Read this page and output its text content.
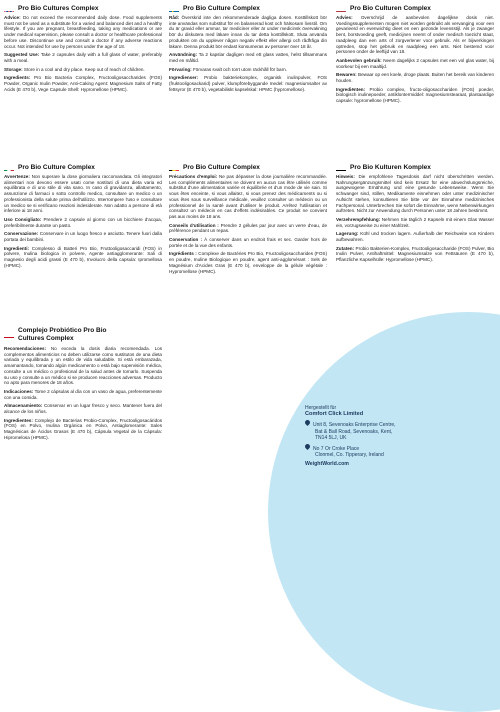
Pro Bio Cultures Complex

Advice: Do not exceed the recommended daily dose. Food supplements must not be used as a substitute for a varied and balanced diet and a healthy lifestyle. If you are pregnant, breastfeeding, taking any medications or are under medical supervision, please consult a doctor or healthcare professional before use. Discontinue use and consult a doctor if any adverse reactions occur. Not intended for use by persons under the age of 18.

Suggested Use: Take 2 capsules daily with a full glass of water, preferably with a meal.

Storage: Store in a cool and dry place. Keep out of reach of children.

Ingredients: Pro Bio Bacteria Complex, Fructooligosaccharides (FOS) Powder, Organic Inulin Powder, Anti-Caking Agent: Magnesium Salts of Fatty Acids (E 470 b), Vege Capsule Shell: Hypromellose (HPMC).

Pro Bio Culture Complex

Råd: Överskrid inte den rekommenderade dagliga dosen. Kosttillskott bör inte användas som substitut för en balanserad kost och hälsosam livsstil. Om du är gravid eller ammar, tar mediciner eller är under medicinsk övervakning bör du diskutera med läkare innan du tar detta kosttillskott. Sluta använda produkten om du upplever någon negativ effekt eller allergi och rådfråga din läkare. Denna produkt bör endast konsumeras av personer över 18 år.

Användning: Ta 2 kapslar dagligen med ett glass vatten, helst tillsammans med en måltid.

Förvaring: Förvaras svalt och torrt utom räckhåll för barn.

Ingredienser: Probio bakteriekomplex, organisk inulinpulver, FOS (fruktooligosackarid) pulver, klumpförebyggande medel: magnesiumsalter av fettsyror (E 470 b), vegetabiliskt kapselskal: HPMC (hypromellose).

Pro Bio Culturen Complex

Advies: Overschrijd de aanbevolen dagelijkse dosis niet. Voedingssupplementen mogen niet worden gebruikt als vervanging voor een gevarieerd en evenwichtig dieet en een gezonde levensstijl. Als je zwanger bent, borstvoeding geeft, medicijnen neemt of onder medisch toezicht staat, raadpleeg dan een arts of zorgverlener voor gebruik. Als er bijwerkingen optreden, stop het gebruik en raadpleeg een arts. Niet bestemd voor personen onder de leeftijd van 18.

Aanbevolen gebruik: Neem dagelijks 2 capsules met een vol glas water, bij voorkeur bij een maaltijd.

Bewaren: Bewaar op een koele, droge plaats. Buiten het bereik van kinderen houden.

Ingrediënten: Probio complex, fructo-oligosacchariden (FOS) poeder, biologisch inulinepoeder, antiklontermiddel: magnesiumstearaat, plantaardige capsule: hypromellose (HPMC).

Pro Bio Culture Complex

Avvertenze: Non superare la dose giornaliera raccomandata. Gli integratori alimentari non devono essere usati come sostituti di una dieta varia ed equilibrata e di uno stile di vita sano. In caso di gravidanza, allattamento, assunzione di farmaci o sotto controllo medico, consultare un medico o un professionista della salute prima dell'utilizzo. Interrompere l'uso e consultare un medico se si verificano reazioni indesiderate. Non adatto a persone di età inferiore ai 18 anni.

Uso Consigliato: Prendere 2 capsule al giorno con un bicchiere d'acqua, preferibilmente durante un pasto.

Conservazione: Conservare in un luogo fresco e asciutto. Tenere fuori dalla portata dei bambini.

Ingredienti: Complesso di Batteri Pro Bio, Fruttooligosaccaridi (FOS) in polvere, Inulina biologica in polvere, Agente antiagglomerante: Sali di magnesio degli acidi grassi (E 470 b), Involucro della capsula: Ipromellosa (HPMC).

Pro Bio Culture Complex

Précautions d'emploi: Ne pas dépasser la dose journalière recommandée. Les compléments alimentaires ne doivent en aucun cas être utilisés comme substitut d'une alimentation variée et équilibrée et d'un mode de vie sain. Si vous êtes enceinte, si vous allaitez, si vous prenez des médicaments ou si vous êtes sous surveillance médicale, veuillez consulter un médecin ou un professionnel de la santé avant d'utiliser le produit. Arrêtez l'utilisation et consultez un médecin en cas d'effets indésirables. Ce produit ne convient pas aux moins de 18 ans.

Conseils d'utilisation : Prendre 2 gélules par jour avec un verre d'eau, de préférence pendant un repas.

Conservation : À conserver dans un endroit frais et sec. Garder hors de portée et de la vue des enfants.

Ingrédients : Complexe de Bactéries Pro Bio, Fructooligosaccharides (FOS) en poudre, Inuline Biologique en poudre, agent anti-agglomérant : Sels de Magnésium d'Acides Gras (E 470 b), enveloppe de la gélule végétale : Hypromellose (HPMC).

Pro Bio Kulturen Komplex

Hinweis: Die empfohlene Tagesdosis darf nicht überschritten werden. Nahrungsergänzungsmittel sind kein Ersatz für eine abwechslungsreiche, ausgewogene Ernährung und eine gesunde Lebensweise. Wenn Sie schwanger sind, stillen, Medikamente einnehmen oder unter medizinischer Aufsicht stehen, konsultieren Sie bitte vor der Einnahme medizinisches Fachpersonal. Unterbrechen Sie sofort die Einnahme, wenn Nebenwirkungen auftreten. Nicht zur Anwendung durch Personen unter 18 Jahren bestimmt.

Verzehrempfehlung: Nehmen Sie täglich 2 Kapseln mit einem Glas Wasser ein, vorzugsweise zu einer Mahlzeit.

Lagerung: Kühl und trocken lagern. Außerhalb der Reichweite von Kindern aufbewahren.

Zutaten: Probio Bakterien-Komplex, Fructooligosaccharide (FOS) Pulver, Bio Inulin Pulver, Antihaftmittel: Magnesiumsalze von Fettsäuren (E 470 b), Pflanzliche Kapselhülle: Hypromellose (HPMC).

Complejo Probiótico Pro Bio Cultures Complex

Recomendaciones: No exceda la dosis diaria recomendada. Los complementos alimenticios no deben utilizarse como sustitutos de una dieta variada y equilibrada y un estilo de vida saludable. Si está embarazada, amamantando, tomando algún medicamento o está bajo supervisión médica, consulte a un médico o profesional de la salud antes de tomarlo. Suspenda su uso y consulte a un médico si se producen reacciones adversas. Producto no apto para menores de 18 años.

Indicaciones: Tome 2 cápsulas al día con un vaso de agua, preferentemente con una comida.

Almacenamiento: Conservar en un lugar fresco y seco. Mantener fuera del alcance de los niños.

Ingredientes: Complejo de Bacterias Probio-Complex, Fructooligosacáridos (FOS) en Polvo, Inulina Orgánica en Polvo, Antiaglomerante: Sales Magnésicas de Ácidos Grasos (E 470 b), Cápsula Vegetal de la Cápsula: Hipromelosa (HPMC).

Hergestellt für
Comfort Click Limited
Unit 8, Sevenoaks Enterprise Centre,
Bat & Ball Road, Sevenoaks, Kent,
TN14 5LJ, UK
No 7 Or Croke Place
Clonmel, Co. Tipperary, Ireland
WeightWorld.com
